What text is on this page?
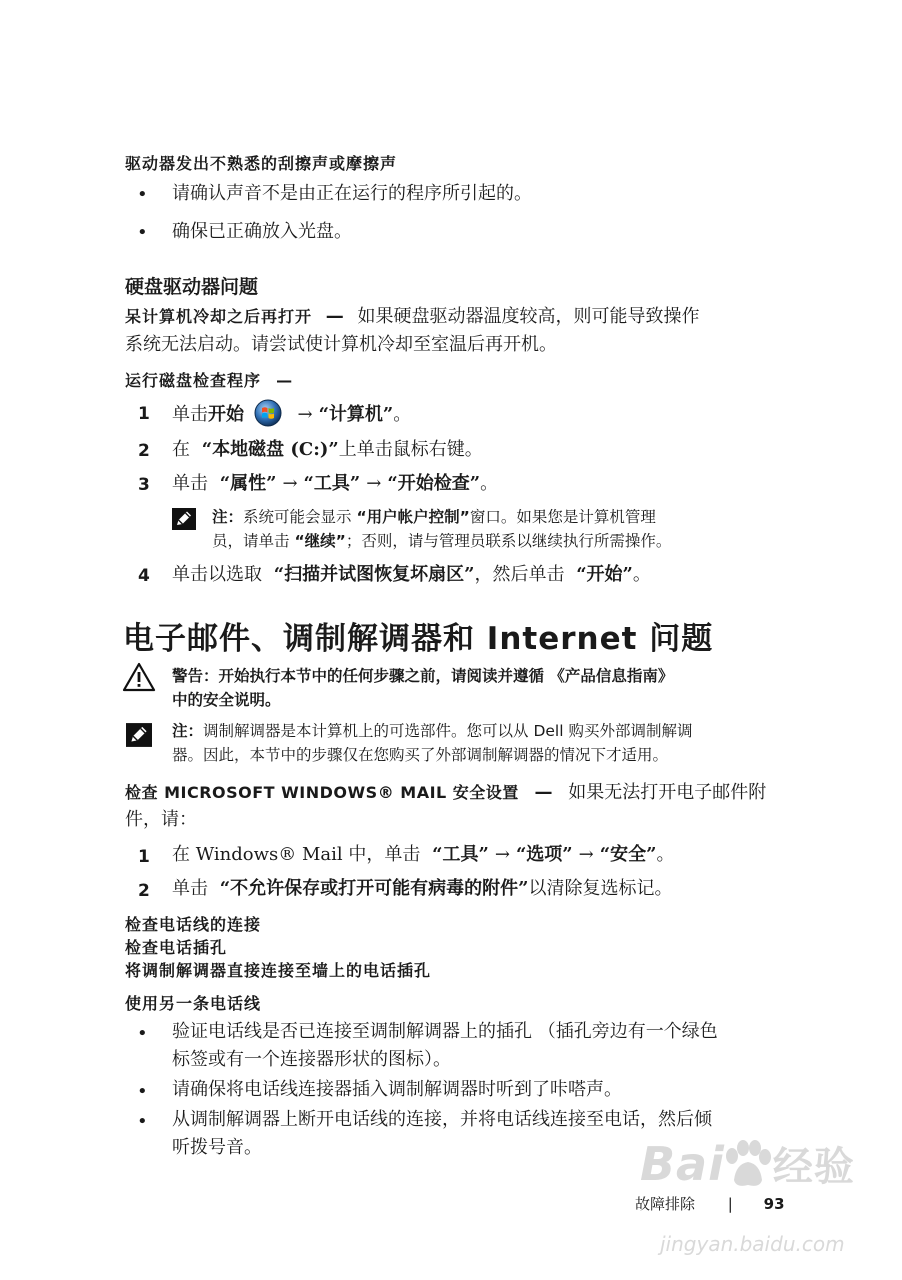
驱动器发出不熟悉的刮擦声或摩擦声
• 请确认声音不是由正在运行的程序所引起的。
• 确保已正确放入光盘。
硬盘驱动器问题
呆计算机冷却之后再打开 — 如果硬盘驱动器温度较高，则可能导致操作
系统无法启动。请尝试使计算机冷却至室温后再开机。
运行磁盘检查程序 —
1 单击开始	→ “计算机”。
2 在 “本地磁盘 (C:)”上单击鼠标右键。
3 单击 “属性” → “工具” → “开始检查”。
注：系统可能会显示 “用户帐户控制”窗口。如果您是计算机管理
员，请单击 “继续”；否则，请与管理员联系以继续执行所需操作。
4 单击以选取 “扫描并试图恢复坏扇区”，然后单击 “开始”。
电子邮件、调制解调器和 Internet 问题
警告：开始执行本节中的任何步骤之前，请阅读并遵循 《产品信息指南》
中的安全说明。
注：调制解调器是本计算机上的可选部件。您可以从 Dell 购买外部调制解调
器。因此，本节中的步骤仅在您购买了外部调制解调器的情况下才适用。
检查 MICROSOFT WINDOWS® MAIL 安全设置 — 如果无法打开电子邮件附
件，请：
1 在 Windows® Mail 中，单击 “工具” → “选项” → “安全”。
2 单击 “不允许保存或打开可能有病毒的附件”以清除复选标记。
检查电话线的连接
检查电话插孔
将调制解调器直接连接至墙上的电话插孔
使用另一条电话线
• 验证电话线是否已连接至调制解调器上的插孔 （插孔旁边有一个绿色
标签或有一个连接器形状的图标）。
• 请确保将电话线连接器插入调制解调器时听到了咔嗒声。
• 从调制解调器上断开电话线的连接，并将电话线连接至电话，然后倾
听拨号音。	Bai 经验
jingyan.baidu.com
故障排除 | 93
